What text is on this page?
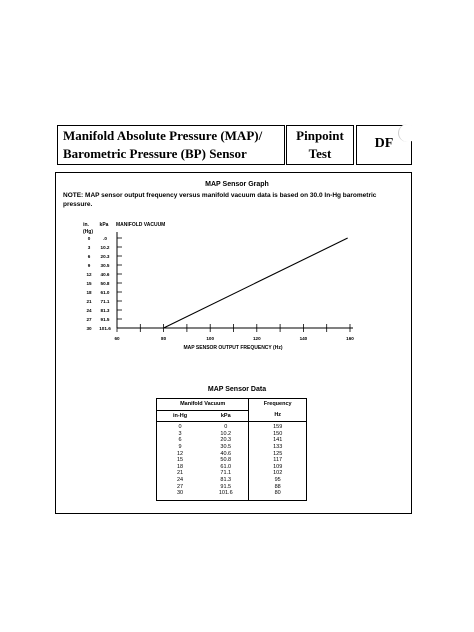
Manifold Absolute Pressure (MAP)/
Barometric Pressure (BP) Sensor
Pinpoint
Test
DF
MAP Sensor Graph
NOTE: MAP sensor output frequency versus manifold vacuum data is based on 30.0 In-Hg barometric pressure.
in.
(Hg)
kPa MANIFOLD VACUUM
MAP SENSOR OUTPUT FREQUENCY (Hz)
0	.0
3 10.2
6 20.3
9 30.5
12 40.6
15 50.8
18 61.0
21 71.1
24 81.3
27 91.5
30 101.6
60	80	100	120	140	160
MAP Sensor Data
Manifold Vacuum		Frequency
in-Hg	kPa	Hz
0	0	159
3	10.2	150
6	20.3	141
9	30.5	133
12	40.6	125
15	50.8	117
18	61.0	109
21	71.1	102
24	81.3	95
27	91.5	88
30	101.6	80
